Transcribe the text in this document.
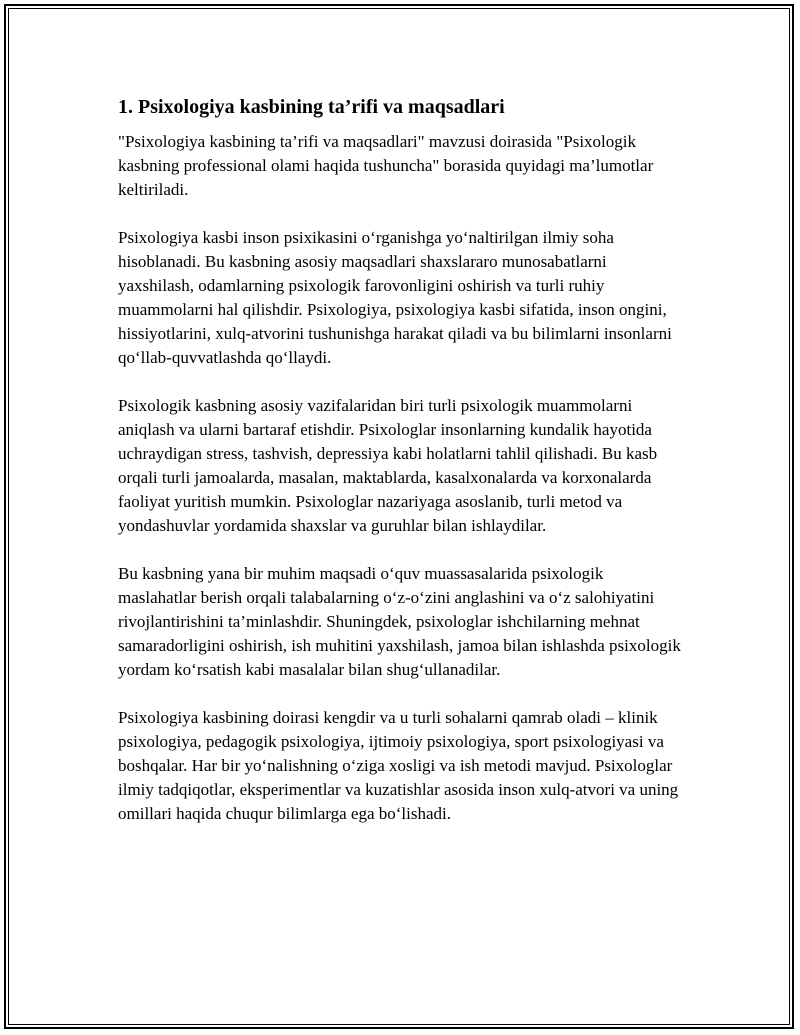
1. Psixologiya kasbining ta’rifi va maqsadlari

"Psixologiya kasbining ta’rifi va maqsadlari" mavzusi doirasida "Psixologik kasbning professional olami haqida tushuncha" borasida quyidagi ma’lumotlar keltiriladi.

Psixologiya kasbi inson psixikasini o‘rganishga yo‘naltirilgan ilmiy soha hisoblanadi. Bu kasbning asosiy maqsadlari shaxslararo munosabatlarni yaxshilash, odamlarning psixologik farovonligini oshirish va turli ruhiy muammolarni hal qilishdir. Psixologiya, psixologiya kasbi sifatida, inson ongini, hissiyotlarini, xulq-atvorini tushunishga harakat qiladi va bu bilimlarni insonlarni qo‘llab-quvvatlashda qo‘llaydi.

Psixologik kasbning asosiy vazifalaridan biri turli psixologik muammolarni aniqlash va ularni bartaraf etishdir. Psixologlar insonlarning kundalik hayotida uchraydigan stress, tashvish, depressiya kabi holatlarni tahlil qilishadi. Bu kasb orqali turli jamoalarda, masalan, maktablarda, kasalxonalarda va korxonalarda faoliyat yuritish mumkin. Psixologlar nazariyaga asoslanib, turli metod va yondashuvlar yordamida shaxslar va guruhlar bilan ishlaydilar.

Bu kasbning yana bir muhim maqsadi o‘quv muassasalarida psixologik maslahatlar berish orqali talabalarning o‘z-o‘zini anglashini va o‘z salohiyatini rivojlantirishini ta’minlashdir. Shuningdek, psixologlar ishchilarning mehnat samaradorligini oshirish, ish muhitini yaxshilash, jamoa bilan ishlashda psixologik yordam ko‘rsatish kabi masalalar bilan shug‘ullanadilar.

Psixologiya kasbining doirasi kengdir va u turli sohalarni qamrab oladi – klinik psixologiya, pedagogik psixologiya, ijtimoiy psixologiya, sport psixologiyasi va boshqalar. Har bir yo‘nalishning o‘ziga xosligi va ish metodi mavjud. Psixologlar ilmiy tadqiqotlar, eksperimentlar va kuzatishlar asosida inson xulq-atvori va uning omillari haqida chuqur bilimlarga ega bo‘lishadi.
